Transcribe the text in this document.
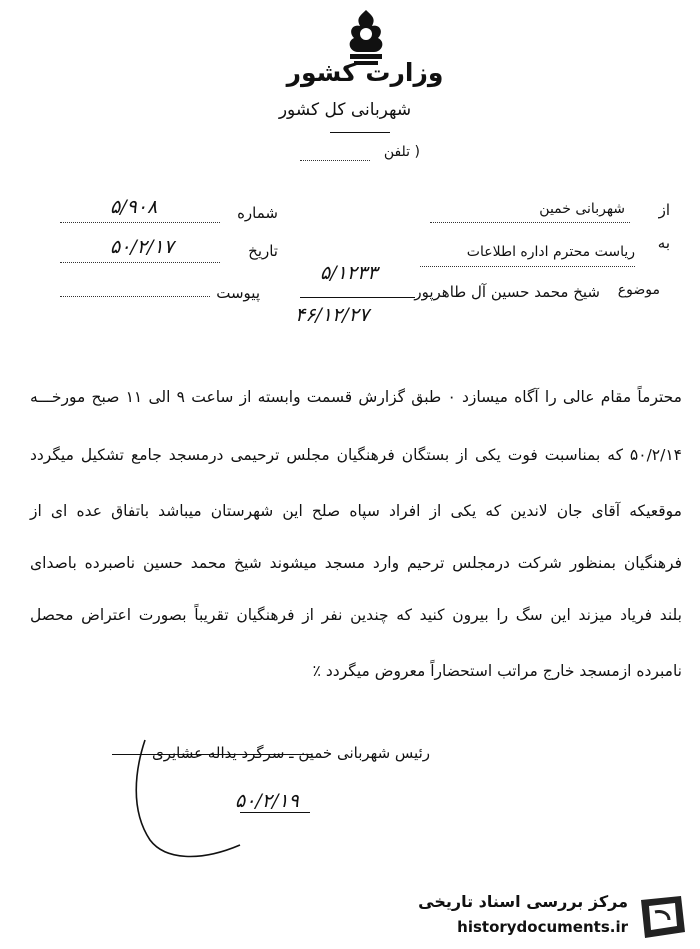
وزارت کشور
شهربانی کل کشور
( تلفن
از
شهربانی خمین
به
ریاست محترم اداره اطلاعات
موضوع
شیخ محمد حسین آل طاهرپور
۵/۱۲۳۳
۴۶/۱۲/۲۷
شماره
۵/۹۰۸
تاریخ
۵۰/۲/۱۷
پیوست
محترماً مقام عالی را آگاه میسازد ۰ طبق گزارش قسمت وابسته از ساعت ۹ الی ۱۱ صبح مورخـــه
۵۰/۲/۱۴ که بمناسبت فوت یکی از بستگان فرهنگیان مجلس ترحیمی درمسجد جامع تشکیل میگردد
موقعیکه آقای جان لاندین که یکی از افراد سپاه صلح این شهرستان میباشد باتفاق عده ای از
فرهنگیان بمنظور شرکت درمجلس ترحیم وارد مسجد میشوند شیخ محمد حسین ناصبرده باصدای
بلند فریاد میزند این سگ را بیرون کنید که چندین نفر از فرهنگیان تقریباً بصورت اعتراض محصل
نامبرده ازمسجد خارج مراتب استحضاراً معروض میگردد ٪
رئیس شهربانی خمین ـ سرگرد یداله عشایری
۵۰/۲/۱۹
مرکز بررسی اسناد تاریخی
historydocuments.ir
